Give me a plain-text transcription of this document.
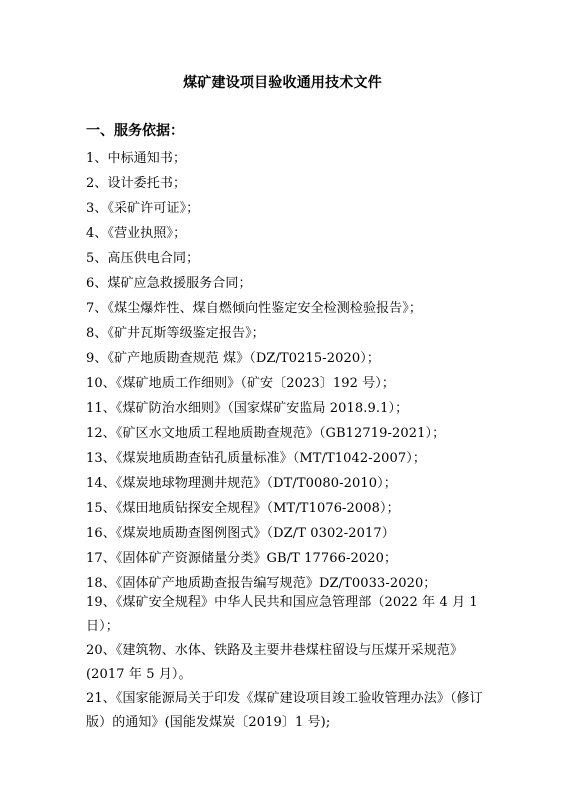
煤矿建设项目验收通用技术文件
一、服务依据：
1、中标通知书；
2、设计委托书；
3、《采矿许可证》；
4、《营业执照》；
5、高压供电合同；
6、煤矿应急救援服务合同；
7、《煤尘爆炸性、煤自燃倾向性鉴定安全检测检验报告》；
8、《矿井瓦斯等级鉴定报告》；
9、《矿产地质勘查规范 煤》（DZ/T0215-2020）；
10、《煤矿地质工作细则》（矿安〔2023〕192 号）；
11、《煤矿防治水细则》（国家煤矿安监局 2018.9.1）；
12、《矿区水文地质工程地质勘查规范》（GB12719-2021）；
13、《煤炭地质勘查钻孔质量标准》（MT/T1042-2007）；
14、《煤炭地球物理测井规范》（DT/T0080-2010）；
15、《煤田地质钻探安全规程》（MT/T1076-2008）；
16、《煤炭地质勘查图例图式》（DZ/T 0302-2017）
17、《固体矿产资源储量分类》GB/T 17766-2020；
18、《固体矿产地质勘查报告编写规范》DZ/T0033-2020；
19、《煤矿安全规程》中华人民共和国应急管理部（2022 年 4 月 1 日）；
20、《建筑物、水体、铁路及主要井巷煤柱留设与压煤开采规范》(2017 年 5 月）。
21、《国家能源局关于印发《煤矿建设项目竣工验收管理办法》（修订版）的通知》(国能发煤炭〔2019〕1 号);
